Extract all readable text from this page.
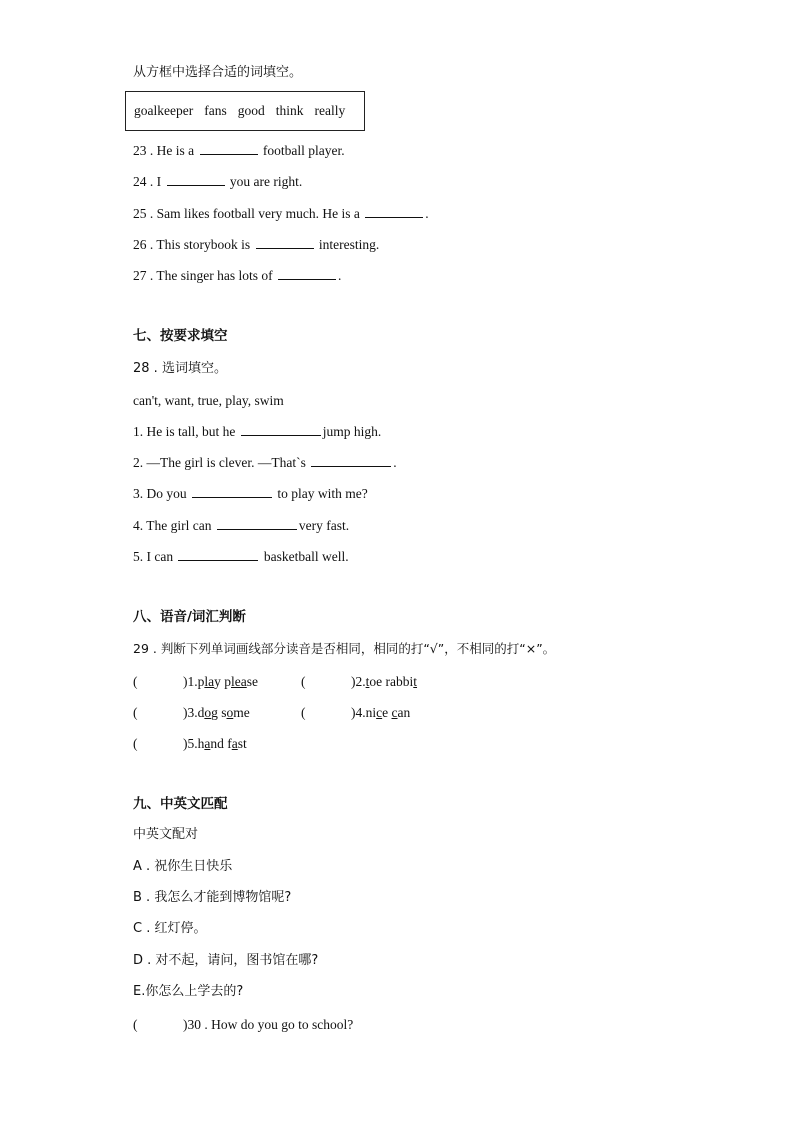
从方框中选择合适的词填空。
goalkeeper fans good think really
23 . He is a	football player.
24 . I	you are right.
25 . Sam likes football very much. He is a	.
26 . This storybook is	interesting.
27 . The singer has lots of	.
七、按要求填空
28 . 选词填空。
can't, want, true, play, swim
1. He is tall, but he	jump high.
2. —The girl is clever. —That`s	.
3. Do you	to play with me?
4. The girl can	very fast.
5. I can	basketball well.
八、语音/词汇判断
29 . 判断下列单词画线部分读音是否相同，相同的打“√”，不相同的打“×”。
(	)1.play please	(	)2.toe rabbit
(	)3.dog some	(	)4.nice can
(	)5.hand fast
九、中英文匹配
中英文配对
A . 祝你生日快乐
B . 我怎么才能到博物馆呢?
C . 红灯停。
D . 对不起，请问，图书馆在哪?
E.你怎么上学去的?
(	)30 . How do you go to school?
